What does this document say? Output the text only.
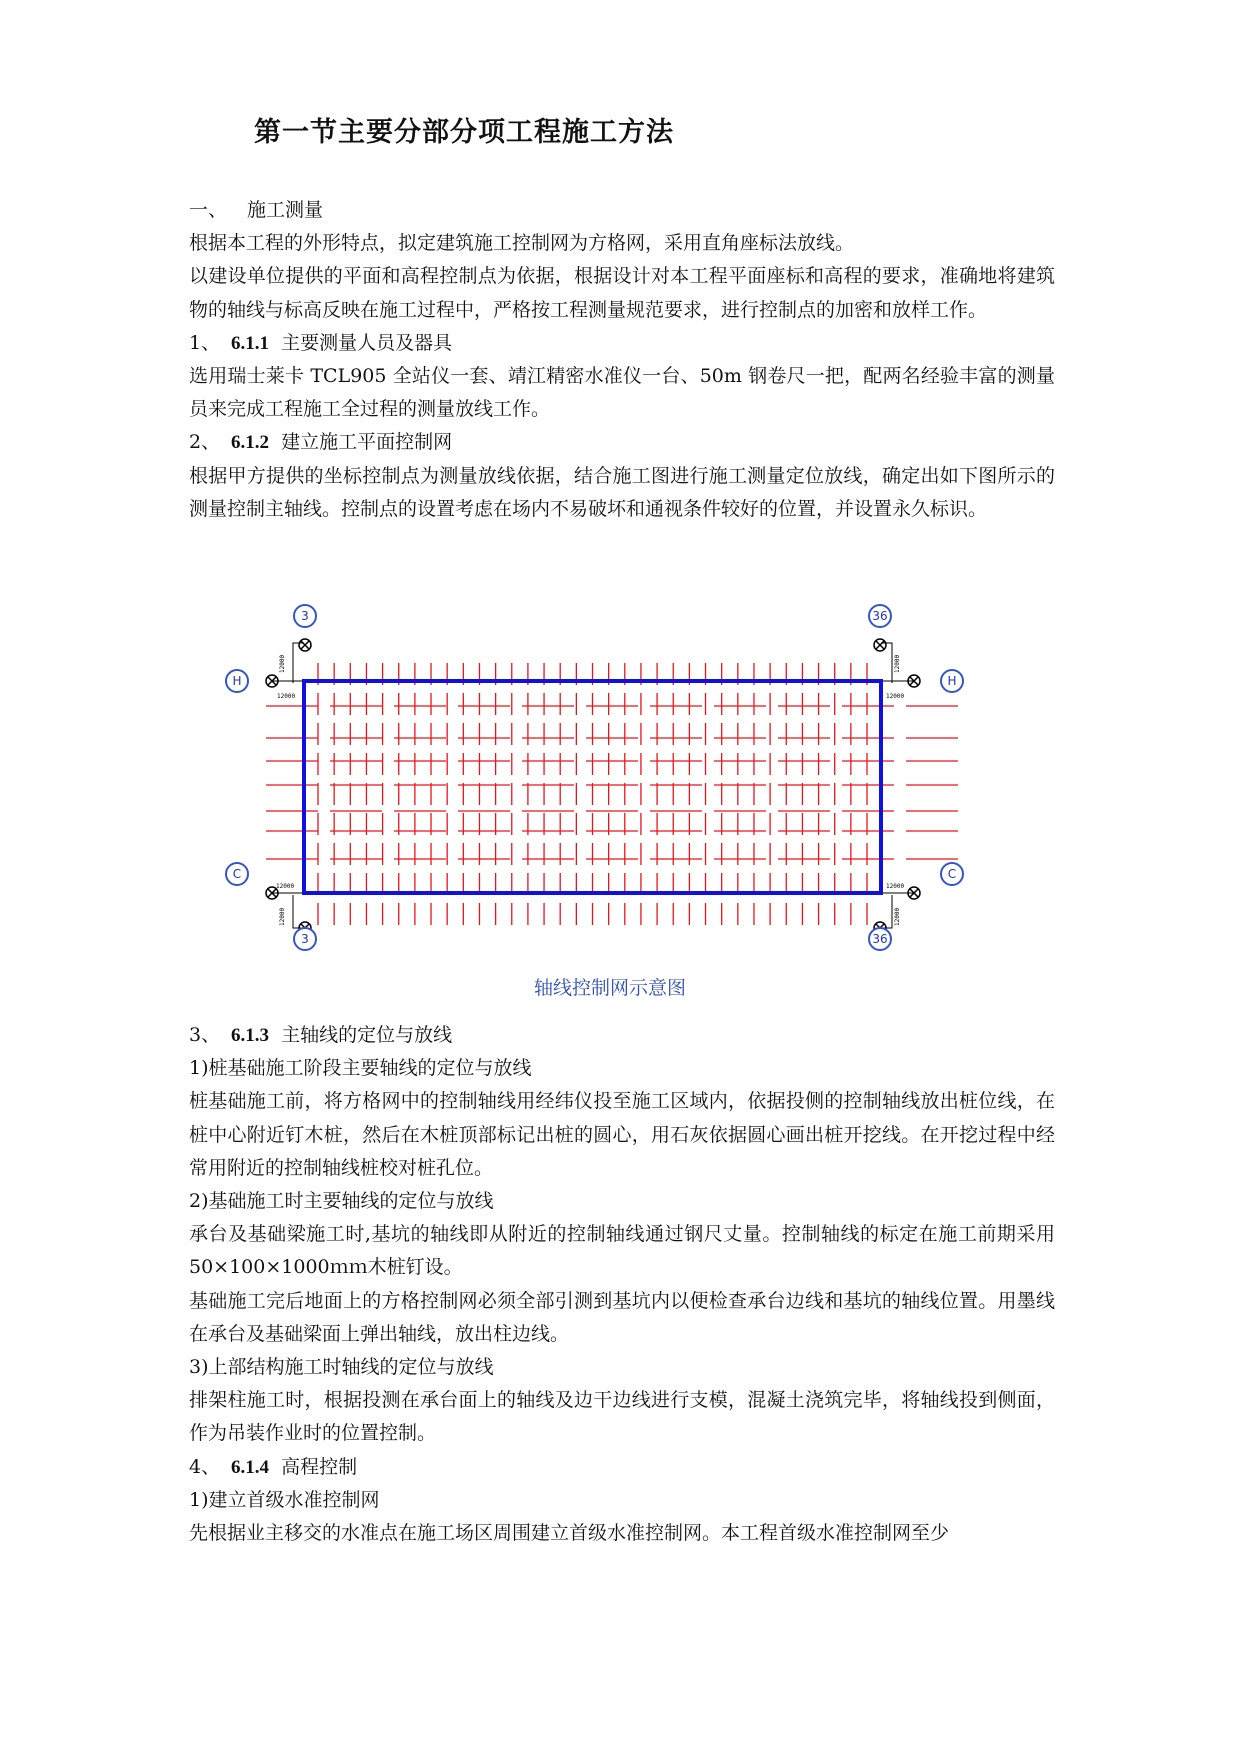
第一节主要分部分项工程施工方法

一、 施工测量

根据本工程的外形特点，拟定建筑施工控制网为方格网，采用直角座标法放线。

以建设单位提供的平面和高程控制点为依据，根据设计对本工程平面座标和高程的要求，准确地将建筑物的轴线与标高反映在施工过程中，严格按工程测量规范要求，进行控制点的加密和放样工作。

1、 6.1.1 主要测量人员及器具

选用瑞士莱卡 TCL905 全站仪一套、靖江精密水准仪一台、50m 钢卷尺一把，配两名经验丰富的测量员来完成工程施工全过程的测量放线工作。

2、 6.1.2 建立施工平面控制网

根据甲方提供的坐标控制点为测量放线依据，结合施工图进行施工测量定位放线，确定出如下图所示的测量控制主轴线。控制点的设置考虑在场内不易破坏和通视条件较好的位置，并设置永久标识。

12000
12000
12000
12000
12000
12000
12000
12000
3	36
H	H
C	C
3	36
轴线控制网示意图

3、 6.1.3 主轴线的定位与放线

1)桩基础施工阶段主要轴线的定位与放线

桩基础施工前，将方格网中的控制轴线用经纬仪投至施工区域内，依据投侧的控制轴线放出桩位线，在桩中心附近钉木桩，然后在木桩顶部标记出桩的圆心，用石灰依据圆心画出桩开挖线。在开挖过程中经常用附近的控制轴线桩校对桩孔位。

2)基础施工时主要轴线的定位与放线

承台及基础梁施工时,基坑的轴线即从附近的控制轴线通过钢尺丈量。控制轴线的标定在施工前期采用 50×100×1000ｍｍ木桩钉设。

基础施工完后地面上的方格控制网必须全部引测到基坑内以便检查承台边线和基坑的轴线位置。用墨线在承台及基础梁面上弹出轴线，放出柱边线。

3)上部结构施工时轴线的定位与放线

排架柱施工时，根据投测在承台面上的轴线及边干边线进行支模，混凝土浇筑完毕，将轴线投到侧面，作为吊装作业时的位置控制。

4、 6.1.4 高程控制

1)建立首级水准控制网

先根据业主移交的水准点在施工场区周围建立首级水准控制网。本工程首级水准控制网至少
